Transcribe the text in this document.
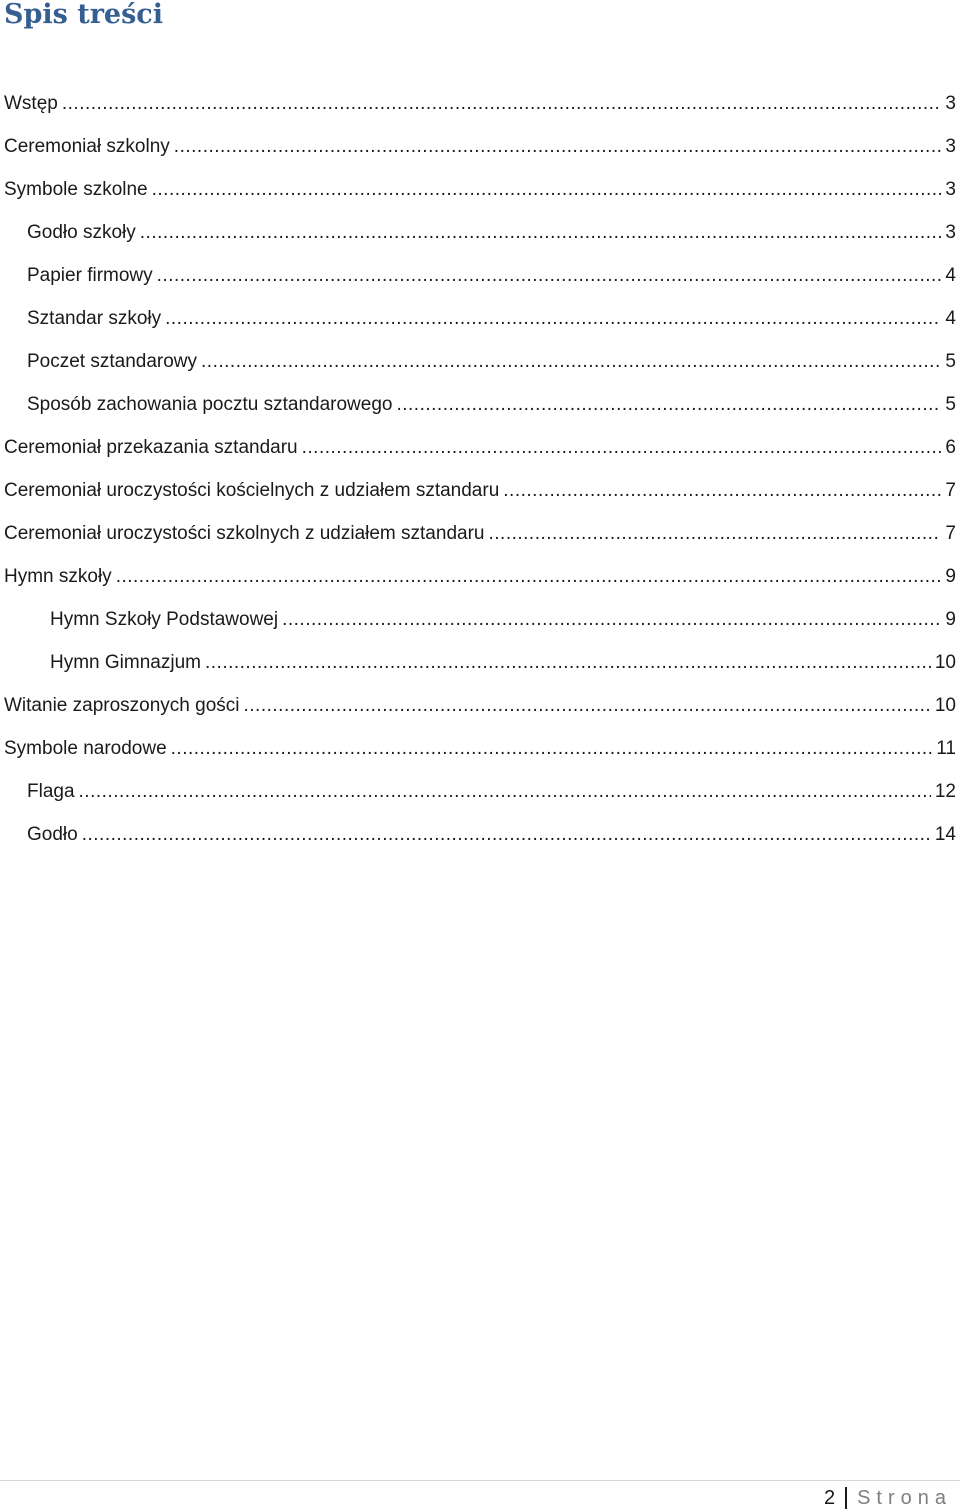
Spis treści
Wstęp .....	3
Ceremoniał szkolny .....	3
Symbole szkolne .....	3
Godło szkoły .....	3
Papier firmowy .....	4
Sztandar szkoły .....	4
Poczet sztandarowy .....	5
Sposób zachowania pocztu sztandarowego .....	5
Ceremoniał przekazania sztandaru .....	6
Ceremoniał uroczystości kościelnych z udziałem sztandaru .....	7
Ceremoniał uroczystości szkolnych z udziałem sztandaru .....	7
Hymn szkoły .....	9
Hymn Szkoły Podstawowej .....	9
Hymn Gimnazjum .....	10
Witanie zaproszonych gości .....	10
Symbole narodowe .....	11
Flaga .....	12
Godło .....	14
2 Strona
